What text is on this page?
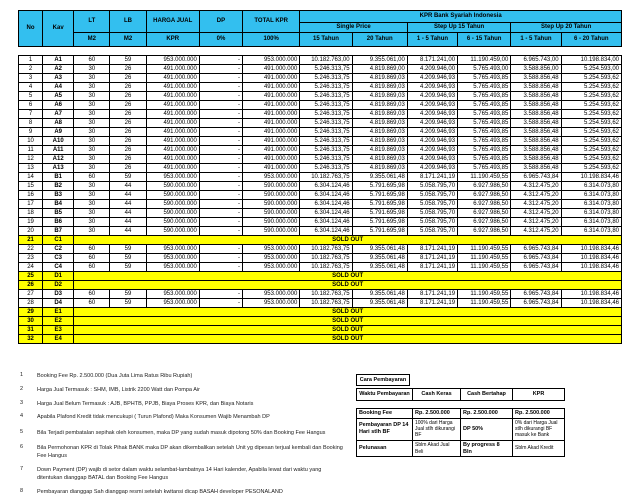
No	Kav	LT	LB	HARGA JUAL	DP	TOTAL KPR	KPR Bank Syariah Indonesia					
							Single Price		Step Up 15 Tahun		Step Up 20 Tahun	
		M2	M2	KPR	0%	100%	15 Tahun	20 Tahun	1 - 5 Tahun	6 - 15 Tahun	1 - 5 Tahun	6 - 20 Tahun
1	A1	60	59	953.000.000	-	953.000.000	10.182.763,00	9.355.061,00	8.171.241,00	11.190.459,00	6.965.743,00	10.198.834,00
2	A2	30	26	491.000.000	-	491.000.000	5.246.313,75	4.819.869,00	4.209.946,00	5.765.493,00	3.588.856,00	5.254.593,00
3	A3	30	26	491.000.000	-	491.000.000	5.246.313,75	4.819.869,03	4.209.946,93	5.765.493,85	3.588.856,48	5.254.593,62
4	A4	30	26	491.000.000	-	491.000.000	5.246.313,75	4.819.869,03	4.209.946,93	5.765.493,85	3.588.856,48	5.254.593,62
5	A5	30	26	491.000.000	-	491.000.000	5.246.313,75	4.819.869,03	4.209.946,93	5.765.493,85	3.588.856,48	5.254.593,62
6	A6	30	26	491.000.000	-	491.000.000	5.246.313,75	4.819.869,03	4.209.946,93	5.765.493,85	3.588.856,48	5.254.593,62
7	A7	30	26	491.000.000	-	491.000.000	5.246.313,75	4.819.869,03	4.209.946,93	5.765.493,85	3.588.856,48	5.254.593,62
8	A8	30	26	491.000.000	-	491.000.000	5.246.313,75	4.819.869,03	4.209.946,93	5.765.493,85	3.588.856,48	5.254.593,62
9	A9	30	26	491.000.000	-	491.000.000	5.246.313,75	4.819.869,03	4.209.946,93	5.765.493,85	3.588.856,48	5.254.593,62
10	A10	30	26	491.000.000	-	491.000.000	5.246.313,75	4.819.869,03	4.209.946,93	5.765.493,85	3.588.856,48	5.254.593,62
11	A11	30	26	491.000.000	-	491.000.000	5.246.313,75	4.819.869,03	4.209.946,93	5.765.493,85	3.588.856,48	5.254.593,62
12	A12	30	26	491.000.000	-	491.000.000	5.246.313,75	4.819.869,03	4.209.946,93	5.765.493,85	3.588.856,48	5.254.593,62
13	A13	30	26	491.000.000	-	491.000.000	5.246.313,75	4.819.869,03	4.209.946,93	5.765.493,85	3.588.856,48	5.254.593,62
14	B1	60	59	953.000.000	-	953.000.000	10.182.763,75	9.355.061,48	8.171.241,19	11.190.459,55	6.965.743,84	10.198.834,46
15	B2	30	44	590.000.000	-	590.000.000	6.304.124,46	5.791.695,98	5.058.795,70	6.927.986,50	4.312.475,20	6.314.073,80
16	B3	30	44	590.000.000	-	590.000.000	6.304.124,46	5.791.695,98	5.058.795,70	6.927.986,50	4.312.475,20	6.314.073,80
17	B4	30	44	590.000.000	-	590.000.000	6.304.124,46	5.791.695,98	5.058.795,70	6.927.986,50	4.312.475,20	6.314.073,80
18	B5	30	44	590.000.000	-	590.000.000	6.304.124,46	5.791.695,98	5.058.795,70	6.927.986,50	4.312.475,20	6.314.073,80
19	B6	30	44	590.000.000	-	590.000.000	6.304.124,46	5.791.695,98	5.058.795,70	6.927.986,50	4.312.475,20	6.314.073,80
20	B7	30	44	590.000.000	-	590.000.000	6.304.124,46	5.791.695,98	5.058.795,70	6.927.986,50	4.312.475,20	6.314.073,80
21	C1	SOLD OUT										
22	C2	60	59	953.000.000	-	953.000.000	10.182.763,75	9.355.061,48	8.171.241,19	11.190.459,55	6.965.743,84	10.198.834,46
23	C3	60	59	953.000.000	-	953.000.000	10.182.763,75	9.355.061,48	8.171.241,19	11.190.459,55	6.965.743,84	10.198.834,46
24	C4	60	59	953.000.000	-	953.000.000	10.182.763,75	9.355.061,48	8.171.241,19	11.190.459,55	6.965.743,84	10.198.834,46
25	D1	SOLD OUT										
26	D2	SOLD OUT										
27	D3	60	59	953.000.000	-	953.000.000	10.182.763,75	9.355.061,48	8.171.241,19	11.190.459,55	6.965.743,84	10.198.834,46
28	D4	60	59	953.000.000	-	953.000.000	10.182.763,75	9.355.061,48	8.171.241,19	11.190.459,55	6.965.743,84	10.198.834,46
29	E1	SOLD OUT										
30	E2	SOLD OUT										
31	E3	SOLD OUT										
32	E4	SOLD OUT										
1	Booking Fee Rp. 2.500.000 (Dua Juta Lima Ratus Ribu Rupiah)
2	Harga Jual Termasuk : SHM, IMB, Listrik 2200 Watt dan Pompa Air
3	Harga Jual Belum Termasuk : AJB, BPHTB, PPJB, Biaya Proses KPR, dan Biaya Notaris
4	Apabila Plafond Kredit tidak mencukupi ( Turun Plafond) Maka Konsumen Wajib Menambah DP
5	Bila Terjadi pembatalan sepihak oleh konsumen, maka DP yang sudah masuk dipotong 50% dan Booking Fee Hangus
6	Bila Permohonan KPR di Tolak Pihak BANK maka DP akan dikembalikan setelah Unit yg dipesan terjual kembali dan Booking Fee Hangus
7	Down Payment (DP) wajib di setor dalam waktu selambat-lambatnya 14 Hari kalender, Apabila lewat dari waktu yang ditentukan dianggap BATAL dan Booking Fee Hangus
8	Pembayaran dianggap Sah dianggap resmi setelah kwitansi dicap BASAH developer PESONALAND
Cara Pembayaran
Waktu Pembayaran	Cash Keras	Cash Bertahap	KPR
Booking Fee	Rp. 2.500.000	Rp. 2.500.000	Rp. 2.500.000
Pembayaran DP 14 Hari stlh BF	100% dari Harga Jual stlh dikurangi BF	DP 50%	0% dari Harga Jual stlh dikurangi BF masuk ke Bank
Pelunasan	Sblm Akad Jual Beli	By progress 8 Bln	Sblm Akad Kredit
